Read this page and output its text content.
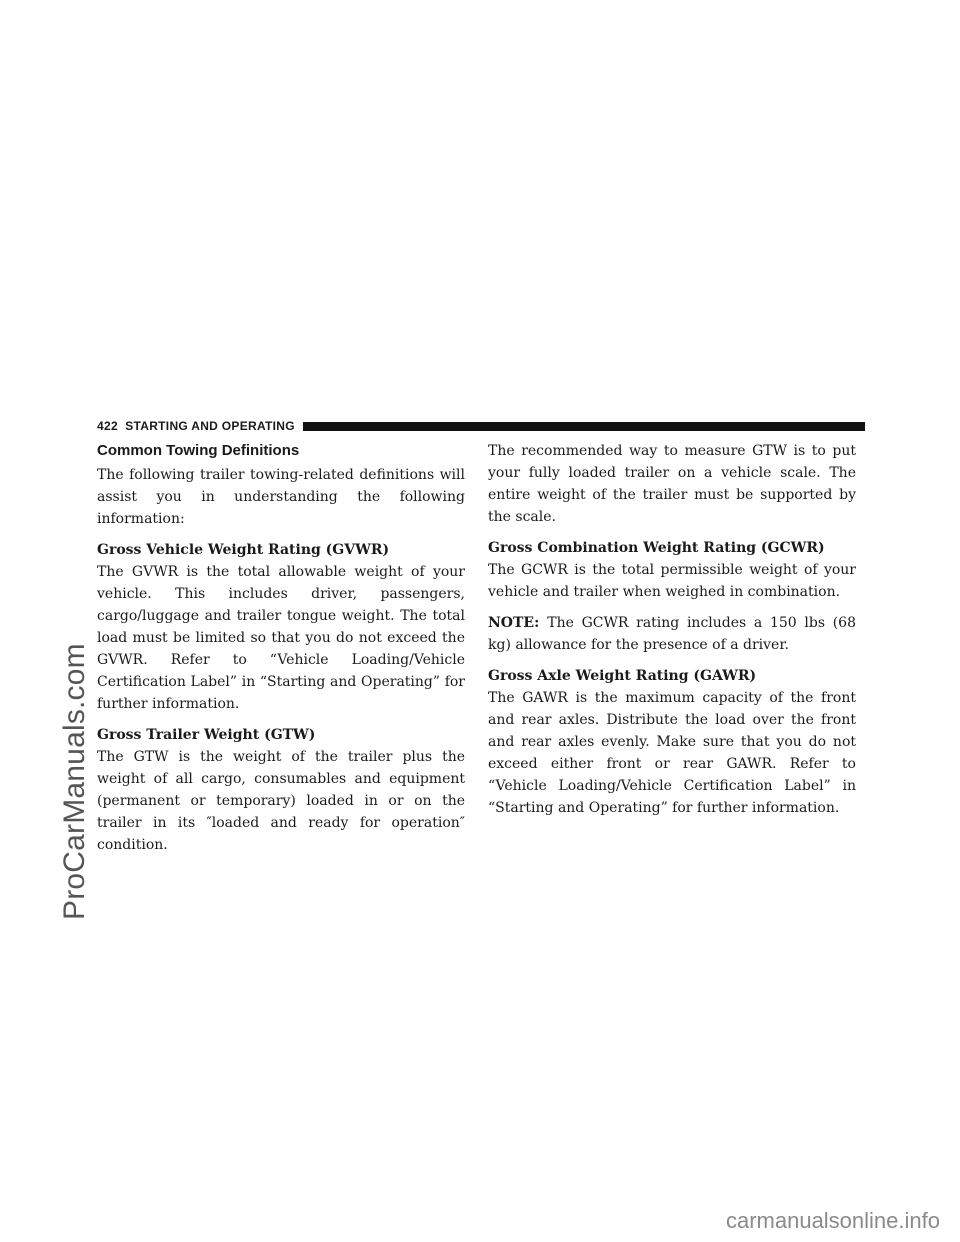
ProCarManuals.com
carmanualsonline.info
422 STARTING AND OPERATING
Common Towing Definitions

The following trailer towing-related definitions will assist you in understanding the following information:

Gross Vehicle Weight Rating (GVWR)

The GVWR is the total allowable weight of your vehicle. This includes driver, passengers, cargo/luggage and trailer tongue weight. The total load must be limited so that you do not exceed the GVWR. Refer to “Vehicle Loading/Vehicle Certification Label” in “Starting and Operating” for further information.

Gross Trailer Weight (GTW)

The GTW is the weight of the trailer plus the weight of all cargo, consumables and equipment (permanent or temporary) loaded in or on the trailer in its ″loaded and ready for operation″ condition.

The recommended way to measure GTW is to put your fully loaded trailer on a vehicle scale. The entire weight of the trailer must be supported by the scale.

Gross Combination Weight Rating (GCWR)

The GCWR is the total permissible weight of your vehicle and trailer when weighed in combination.

NOTE: The GCWR rating includes a 150 lbs (68 kg) allowance for the presence of a driver.

Gross Axle Weight Rating (GAWR)

The GAWR is the maximum capacity of the front and rear axles. Distribute the load over the front and rear axles evenly. Make sure that you do not exceed either front or rear GAWR. Refer to “Vehicle Loading/Vehicle Certification Label” in “Starting and Operating” for further information.
